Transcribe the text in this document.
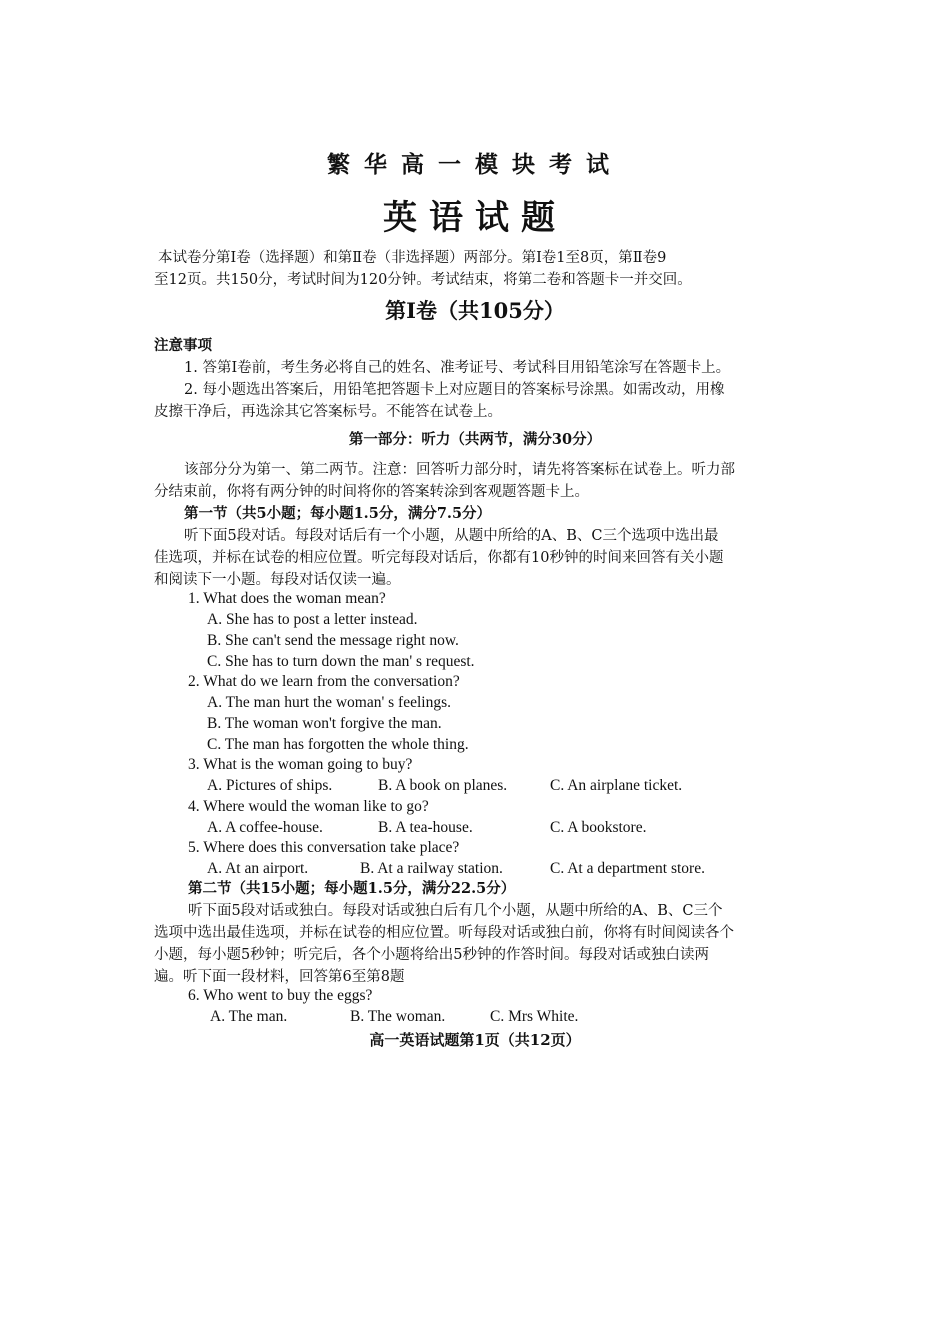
繁华高一模块考试
英语试题
本试卷分第Ⅰ卷（选择题）和第Ⅱ卷（非选择题）两部分。第Ⅰ卷1至8页，第Ⅱ卷9
至12页。共150分，考试时间为120分钟。考试结束，将第二卷和答题卡一并交回。
第Ⅰ卷（共105分）
注意事项
1. 答第Ⅰ卷前，考生务必将自己的姓名、准考证号、考试科目用铅笔涂写在答题卡上。
2. 每小题选出答案后，用铅笔把答题卡上对应题目的答案标号涂黑。如需改动，用橡
皮擦干净后，再选涂其它答案标号。不能答在试卷上。
第一部分：听力（共两节，满分30分）
该部分分为第一、第二两节。注意：回答听力部分时，请先将答案标在试卷上。听力部
分结束前，你将有两分钟的时间将你的答案转涂到客观题答题卡上。
第一节（共5小题；每小题1.5分，满分7.5分）
听下面5段对话。每段对话后有一个小题，从题中所给的A、B、C三个选项中选出最
佳选项，并标在试卷的相应位置。听完每段对话后，你都有10秒钟的时间来回答有关小题
和阅读下一小题。每段对话仅读一遍。
1. What does the woman mean?
A. She has to post a letter instead.
B. She can't send the message right now.
C. She has to turn down the man' s request.
2. What do we learn from the conversation?
A. The man hurt the woman' s feelings.
B. The woman won't forgive the man.
C. The man has forgotten the whole thing.
3. What is the woman going to buy?
A. Pictures of ships.	B. A book on planes.	C. An airplane ticket.
4. Where would the woman like to go?
A. A coffee-house.	B. A tea-house.	C. A bookstore.
5. Where does this conversation take place?
A. At an airport.	B. At a railway station.	C. At a department store.
第二节（共15小题；每小题1.5分，满分22.5分）
听下面5段对话或独白。每段对话或独白后有几个小题，从题中所给的A、B、C三个
选项中选出最佳选项，并标在试卷的相应位置。听每段对话或独白前，你将有时间阅读各个
小题，每小题5秒钟；听完后，各个小题将给出5秒钟的作答时间。每段对话或独白读两
遍。听下面一段材料，回答第6至第8题
6. Who went to buy the eggs?
A. The man.	B. The woman.	C. Mrs White.
高一英语试题第1页（共12页）
